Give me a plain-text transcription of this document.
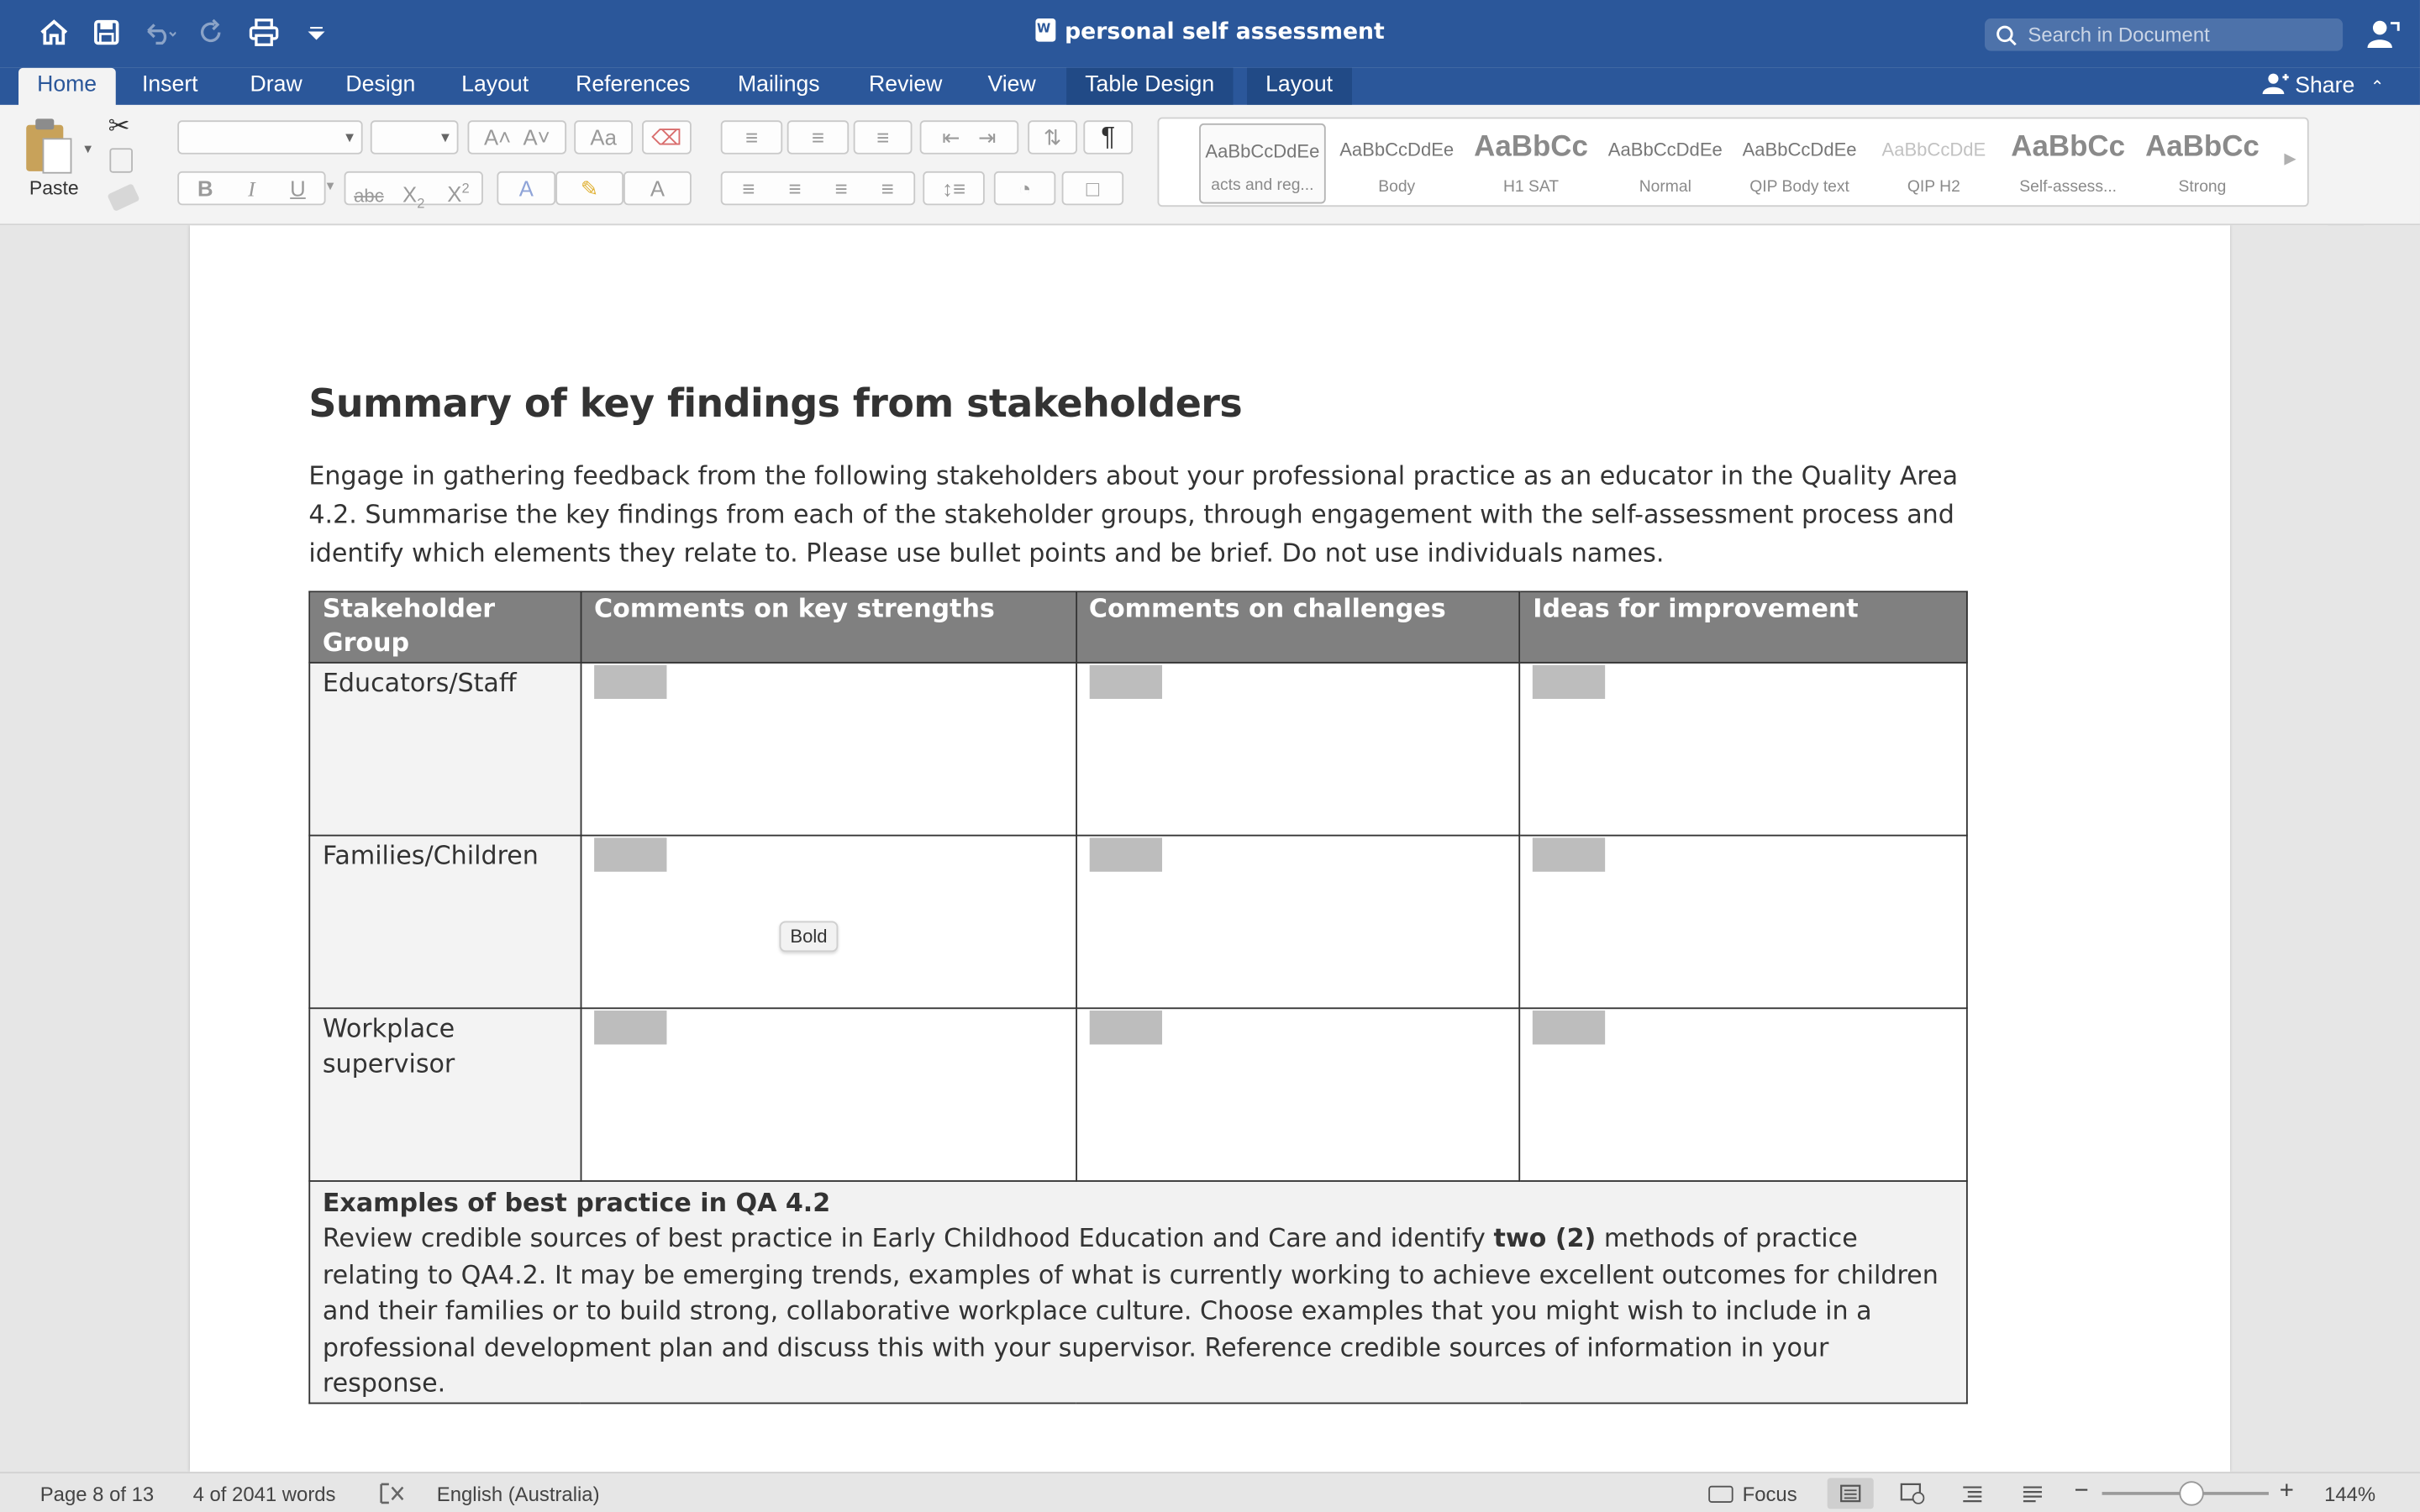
Wpersonal self assessment	Search in Document
Home	Insert	Draw	Design	Layout	References	Mailings	Review	View	Table Design	Layout	Share ⌃
▼
Paste
✂	▼	▼	A˄ A˅	Aa	⌫
B	I	U	▼	abc $X_2$ $X^2$	A	✎	A
≡	≡	≡	⇤ ⇥	⇅	¶
≡	≡	≡	≡	↕≡	◔	□
AaBbCcDdEe
acts and reg...
AaBbCcDdEe
Body
AaBbCc
H1 SAT
AaBbCcDdEe
Normal
AaBbCcDdEe
QIP Body text
AaBbCcDdE
QIP H2
AaBbCc
Self-assess...
AaBbCc
Strong
▶
Summary of key findings from stakeholders
Engage in gathering feedback from the following stakeholders about your professional practice as an educator in the Quality Area 4.2. Summarise the key findings from each of the stakeholder groups, through engagement with the self-assessment process and identify which elements they relate to. Please use bullet points and be brief. Do not use individuals names.
Stakeholder Group	Comments on key strengths	Comments on challenges	Ideas for improvement
Educators/Staff	

Families/Children	

Workplace supervisor	

Examples of best practice in QA 4.2
Review credible sources of best practice in Early Childhood Education and Care and identify two (2) methods of practice relating to QA4.2. It may be emerging trends, examples of what is currently working to achieve excellent outcomes for children and their families or to build strong, collaborative workplace culture. Choose examples that you might wish to include in a professional development plan and discuss this with your supervisor. Reference credible sources of information in your response.			
Bold
Page 8 of 13	4 of 2041 words	English (Australia)	Focus	−	+	144%
